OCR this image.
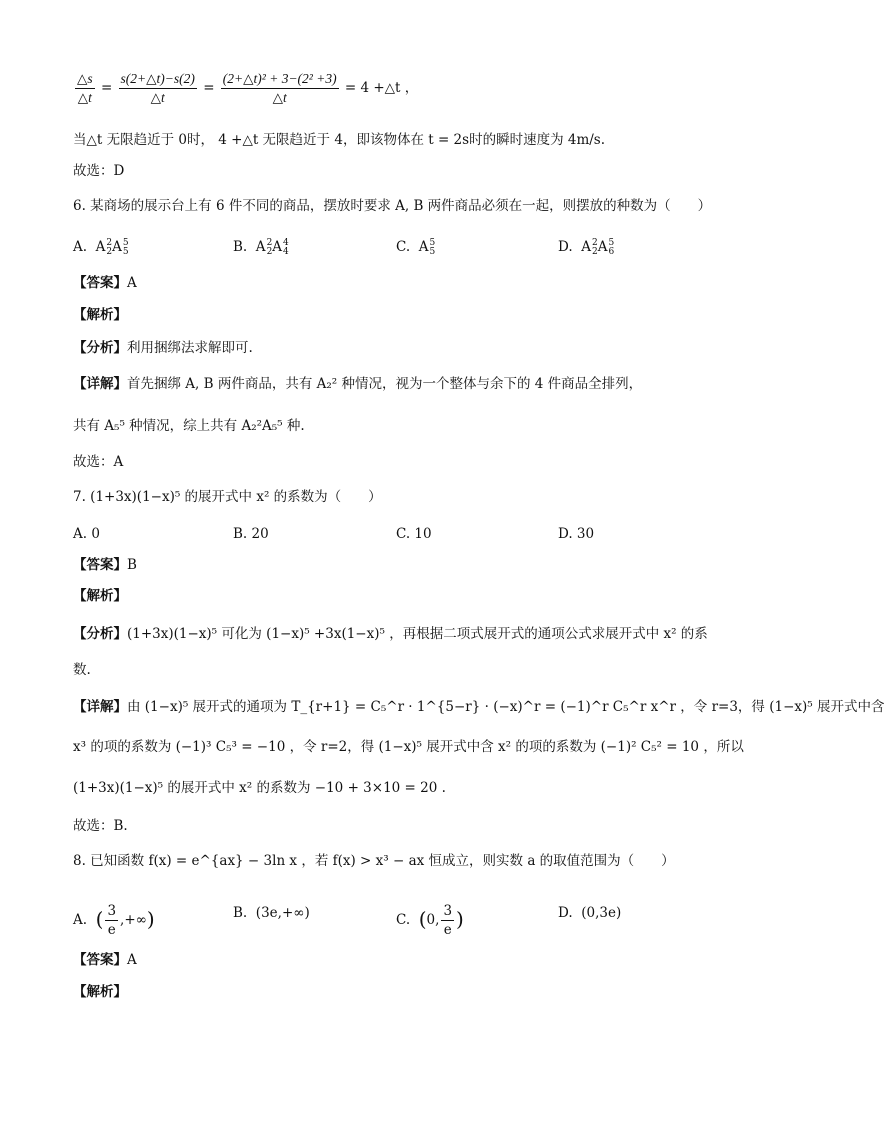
$\frac{\triangle s}{\triangle t} = \frac{s(2+\triangle t)-s(2)}{\triangle t} = \frac{\text{(2+△t)² + 3−(2² +3)}}{\triangle t} = 4$ +△t ，
当△t 无限趋近于 0时， 4 +△t 无限趋近于 4，即该物体在 t = 2s时的瞬时速度为 4m/s.
故选：D
6. 某商场的展示台上有 6 件不同的商品，摆放时要求 A, B 两件商品必须在一起，则摆放的种数为（　　）
A.  A 2
2 A 5
5	B.  A 2
2 A 4
4	C.  A 5
5	D.  A 2
2 A 5
6
【答案】A
【解析】
【分析】利用捆绑法求解即可.
【详解】首先捆绑 A, B 两件商品，共有 A₂² 种情况，视为一个整体与余下的 4 件商品全排列，
共有 A₅⁵ 种情况，综上共有 A₂²A₅⁵ 种.
故选：A
7. (1+3x)(1−x)⁵ 的展开式中 x² 的系数为（　　）
A. 0	B. 20	C. 10	D. 30
【答案】B
【解析】
【分析】(1+3x)(1−x)⁵ 可化为 (1−x)⁵ +3x(1−x)⁵ ，再根据二项式展开式的通项公式求展开式中 x² 的系
数.
【详解】由 (1−x)⁵ 展开式的通项为 T_{r+1} = C₅^r · 1^{5−r} · (−x)^r = (−1)^r C₅^r x^r ，令 r=3，得 (1−x)⁵ 展开式中含
x³ 的项的系数为 (−1)³ C₅³ = −10 ，令 r=2，得 (1−x)⁵ 展开式中含 x² 的项的系数为 (−1)² C₅² = 10 ，所以
(1+3x)(1−x)⁵ 的展开式中 x² 的系数为 −10 + 3×10 = 20 .
故选：B.
8. 已知函数 f(x) = e^{ax} − 3ln x ，若 f(x) > x³ − ax 恒成立，则实数 a 的取值范围为（　　）
A. ( $\frac{3}{e}$ ,+∞)	B.  (3e,+∞)	C. (0, $\frac{3}{e}$ )	D.  (0,3e)
【答案】A
【解析】
